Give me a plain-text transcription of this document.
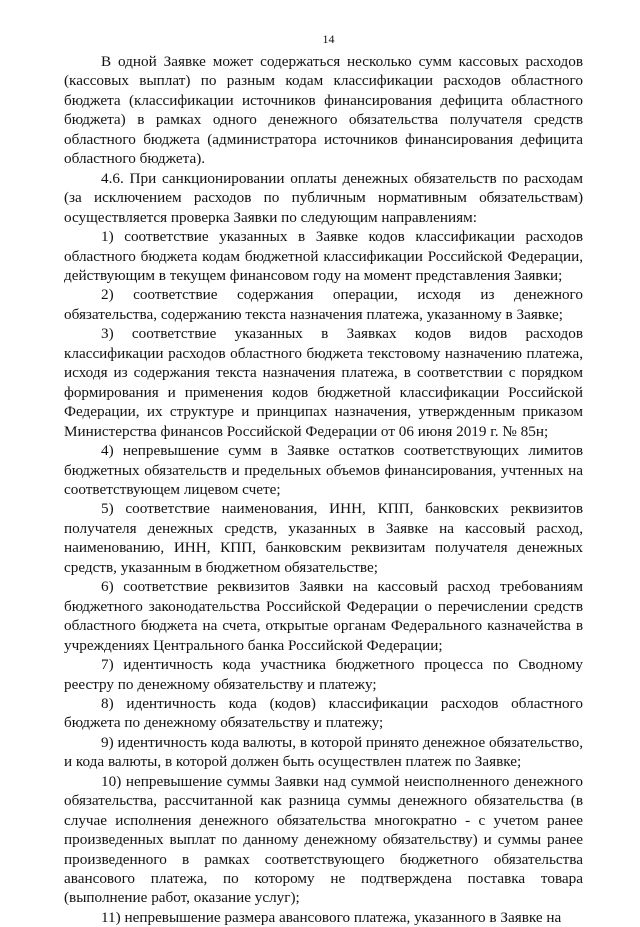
14

В одной Заявке может содержаться несколько сумм кассовых расходов (кассовых выплат) по разным кодам классификации расходов областного бюджета (классификации источников финансирования дефицита областного бюджета) в рамках одного денежного обязательства получателя средств областного бюджета (администратора источников финансирования дефицита областного бюджета).

4.6. При санкционировании оплаты денежных обязательств по расходам (за исключением расходов по публичным нормативным обязательствам) осуществляется проверка Заявки по следующим направлениям:

1) соответствие указанных в Заявке кодов классификации расходов областного бюджета кодам бюджетной классификации Российской Федерации, действующим в текущем финансовом году на момент представления Заявки;

2) соответствие содержания операции, исходя из денежного обязательства, содержанию текста назначения платежа, указанному в Заявке;

3) соответствие указанных в Заявках кодов видов расходов классификации расходов областного бюджета текстовому назначению платежа, исходя из содержания текста назначения платежа, в соответствии с порядком формирования и применения кодов бюджетной классификации Российской Федерации, их структуре и принципах назначения, утвержденным приказом Министерства финансов Российской Федерации от 06 июня 2019 г. № 85н;

4) непревышение сумм в Заявке остатков соответствующих лимитов бюджетных обязательств и предельных объемов финансирования, учтенных на соответствующем лицевом счете;

5) соответствие наименования, ИНН, КПП, банковских реквизитов получателя денежных средств, указанных в Заявке на кассовый расход, наименованию, ИНН, КПП, банковским реквизитам получателя денежных средств, указанным в бюджетном обязательстве;

6) соответствие реквизитов Заявки на кассовый расход требованиям бюджетного законодательства Российской Федерации о перечислении средств областного бюджета на счета, открытые органам Федерального казначейства в учреждениях Центрального банка Российской Федерации;

7) идентичность кода участника бюджетного процесса по Сводному реестру по денежному обязательству и платежу;

8) идентичность кода (кодов) классификации расходов областного бюджета по денежному обязательству и платежу;

9) идентичность кода валюты, в которой принято денежное обязательство, и кода валюты, в которой должен быть осуществлен платеж по Заявке;

10) непревышение суммы Заявки над суммой неисполненного денежного обязательства, рассчитанной как разница суммы денежного обязательства (в случае исполнения денежного обязательства многократно - с учетом ранее произведенных выплат по данному денежному обязательству) и суммы ранее произведенного в рамках соответствующего бюджетного обязательства авансового платежа, по которому не подтверждена поставка товара (выполнение работ, оказание услуг);

11) непревышение размера авансового платежа, указанного в Заявке на
